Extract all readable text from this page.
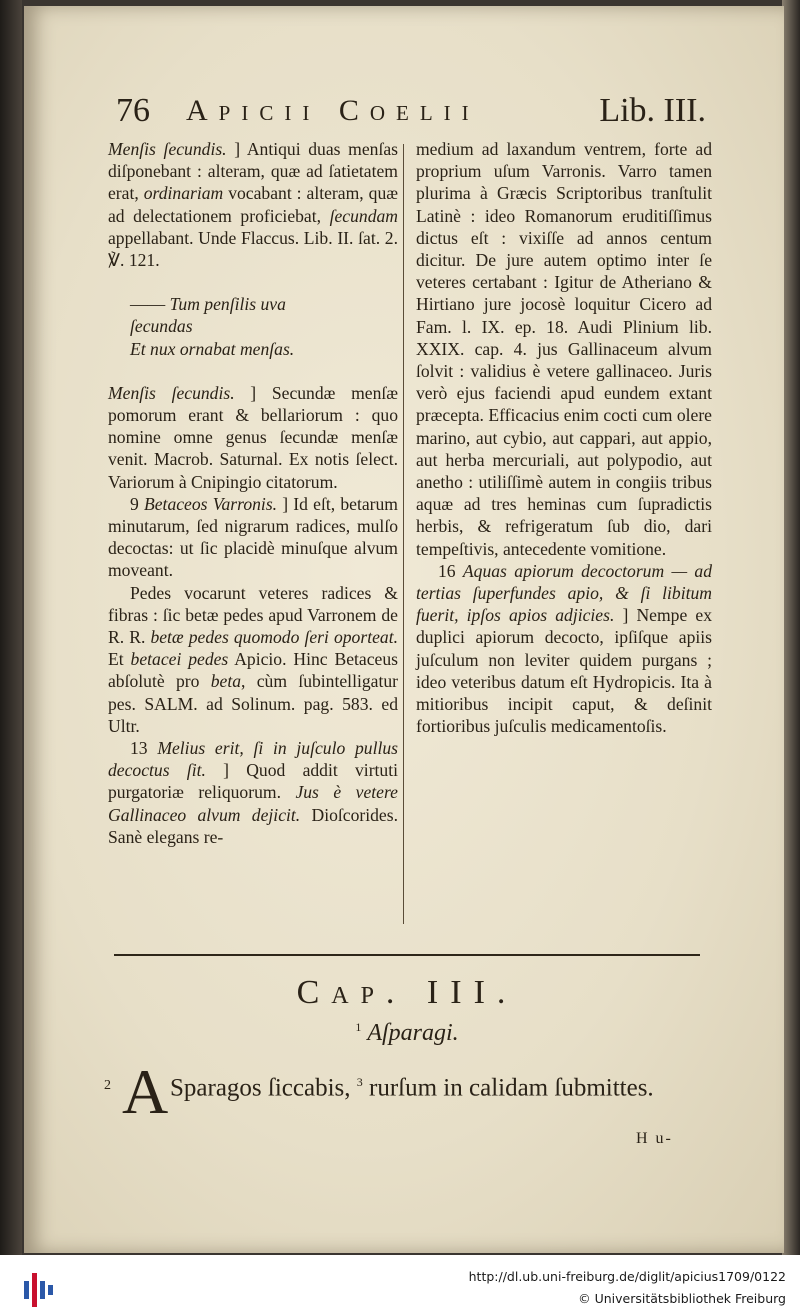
76 Apicii Coelii	Lib. III.

Menſis ſecundis. ] Antiqui duas menſas diſponebant : alteram, quæ ad ſatietatem erat, ordinariam vocabant : alteram, quæ ad delectationem proficiebat, ſecundam appellabant. Unde Flaccus. Lib. II. ſat. 2. ℣. 121.

—— Tum penſilis uva

ſecundas

Et nux ornabat menſas.

Menſis ſecundis. ] Secundæ menſæ pomorum erant & bellariorum : quo nomine omne genus ſecundæ menſæ venit. Macrob. Saturnal. Ex notis ſelect. Variorum à Cnipingio citatorum.

9 Betaceos Varronis. ] Id eſt, betarum minutarum, ſed nigrarum radices, mulſo decoctas: ut ſic placidè minuſque alvum moveant.

Pedes vocarunt veteres radices & fibras : ſic betæ pedes apud Varronem de R. R. betæ pedes quomodo ſeri oporteat. Et betacei pedes Apicio. Hinc Betaceus abſolutè pro beta, cùm ſubintelligatur pes. SALM. ad Solinum. pag. 583. ed Ultr.

13 Melius erit, ſi in juſculo pullus decoctus ſit. ] Quod addit virtuti purgatoriæ reliquorum. Jus è vetere Gallinaceo alvum dejicit. Dioſcorides. Sanè elegans re-

medium ad laxandum ventrem, forte ad proprium uſum Varronis. Varro tamen plurima à Græcis Scriptoribus tranſtulit Latinè : ideo Romanorum eruditiſſimus dictus eſt : vixiſſe ad annos centum dicitur. De jure autem optimo inter ſe veteres certabant : Igitur de Atheriano & Hirtiano jure jocosè loquitur Cicero ad Fam. l. IX. ep. 18. Audi Plinium lib. XXIX. cap. 4. jus Gallinaceum alvum ſolvit : validius è vetere gallinaceo. Juris verò ejus faciendi apud eundem extant præcepta. Efficacius enim cocti cum olere marino, aut cybio, aut cappari, aut appio, aut herba mercuriali, aut polypodio, aut anetho : utiliſſimè autem in congiis tribus aquæ ad tres heminas cum ſupradictis herbis, & refrigeratum ſub dio, dari tempeſtivis, antecedente vomitione.

16 Aquas apiorum decoctorum — ad tertias ſuperfundes apio, & ſi libitum fuerit, ipſos apios adjicies. ] Nempe ex duplici apiorum decocto, ipſiſque apiis juſculum non leviter quidem purgans ; ideo veteribus datum eſt Hydropicis. Ita à mitioribus incipit caput, & deſinit fortioribus juſculis medicamentoſis.

Cap. III.
$^1$ Aſparagi.
2 A Sparagos ſiccabis, $^3$ rurſum in calidam ſubmittes.
H u-
http://dl.ub.uni-freiburg.de/diglit/apicius1709/0122
© Universitätsbibliothek Freiburg
